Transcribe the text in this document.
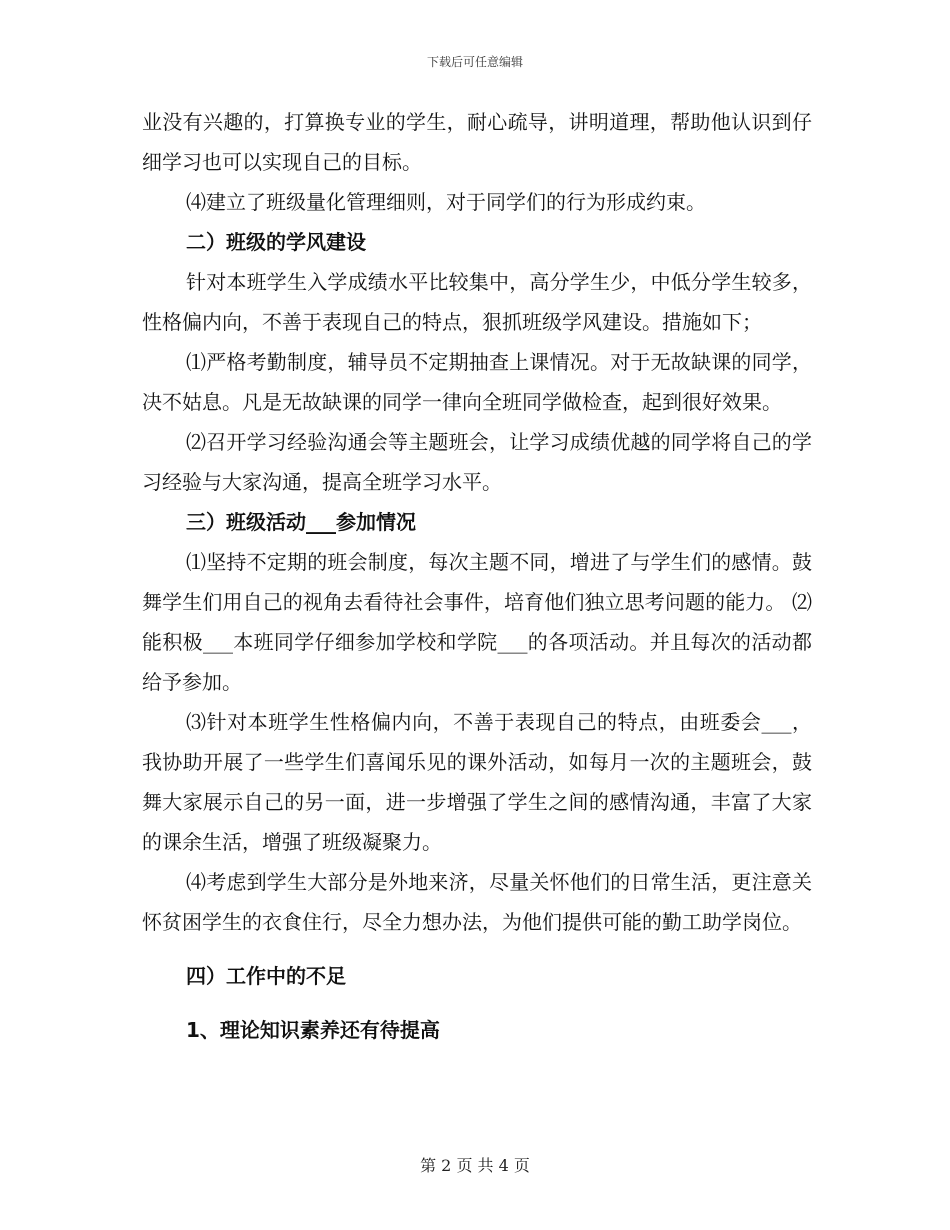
下载后可任意编辑

业没有兴趣的，打算换专业的学生，耐心疏导，讲明道理，帮助他认识到仔细学习也可以实现自己的目标。

⑷建立了班级量化管理细则，对于同学们的行为形成约束。

二）班级的学风建设

针对本班学生入学成绩水平比较集中，高分学生少，中低分学生较多，性格偏内向，不善于表现自己的特点，狠抓班级学风建设。措施如下；

⑴严格考勤制度，辅导员不定期抽查上课情况。对于无故缺课的同学，决不姑息。凡是无故缺课的同学一律向全班同学做检查，起到很好效果。

⑵召开学习经验沟通会等主题班会，让学习成绩优越的同学将自己的学习经验与大家沟通，提高全班学习水平。

三）班级活动___参加情况

⑴坚持不定期的班会制度，每次主题不同，增进了与学生们的感情。鼓舞学生们用自己的视角去看待社会事件，培育他们独立思考问题的能力。 ⑵能积极___本班同学仔细参加学校和学院___的各项活动。并且每次的活动都给予参加。

⑶针对本班学生性格偏内向，不善于表现自己的特点，由班委会___，我协助开展了一些学生们喜闻乐见的课外活动，如每月一次的主题班会，鼓舞大家展示自己的另一面，进一步增强了学生之间的感情沟通，丰富了大家的课余生活，增强了班级凝聚力。

⑷考虑到学生大部分是外地来济，尽量关怀他们的日常生活，更注意关怀贫困学生的衣食住行，尽全力想办法，为他们提供可能的勤工助学岗位。

四）工作中的不足
1、理论知识素养还有待提高
第 2 页 共 4 页
